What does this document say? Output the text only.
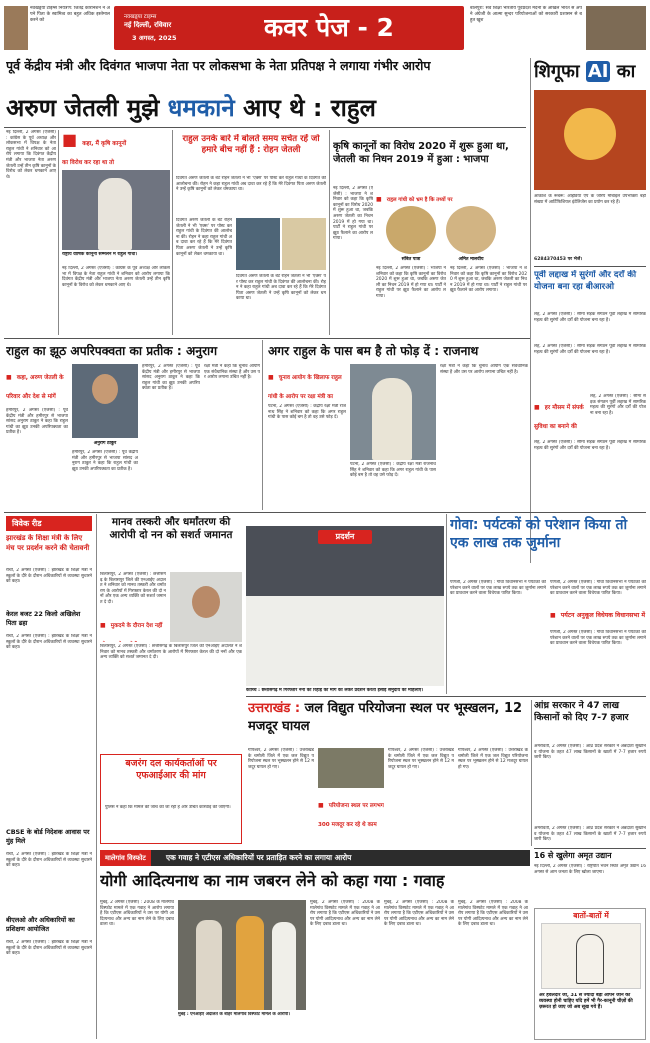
नवखड़्या टाइम्स नियंत्रण: जितेंद्र कोरोनेशन ने अपने पिता के स्वामित्व का बहुत अधिक इस्तेमाल करने को
नवखड़्या टाइम्स
नई दिल्ली, रविवार
3 अगस्त, 2025	कवर पेज - 2
बालपुरा: सर्व शिक्षा भारतीय पूर्वप्रदेश मदनी के अखिल भारत से अपने अंग्रेजी के आत्मा सुन्दर परियोजनाओं को सरकारी प्रशासन से बहुत खुश
पूर्व केंद्रीय मंत्री और दिवंगत भाजपा नेता पर लोकसभा के नेता प्रतिपक्ष ने लगाया गंभीर आरोप
अरुण जेतली मुझे धमकाने आए थे : राहुल
नई दिल्ली, 2 अगस्त (एजेंसी) : कांग्रेस के पूर्व अध्यक्ष और लोकसभा में विपक्ष के नेता राहुल गांधी ने शनिवार को आरोप लगाया कि दिवंगत केंद्रीय मंत्री और भाजपा नेता अरुण जेतली उन्हें तीन कृषि कानूनों के विरोध को लेकर धमकाने आए थे।
■ कहा, मैं कृषि कानूनों का विरोध कर रहा था तो
राष्ट्रीय वार्षिक कानूनी सम्मेलन में राहुल गांधी।
नई दिल्ली, 2 अगस्त (एजेंसी) : कांग्रेस के पूर्व अध्यक्ष और लोकसभा में विपक्ष के नेता राहुल गांधी ने शनिवार को आरोप लगाया कि दिवंगत केंद्रीय मंत्री और भाजपा नेता अरुण जेतली उन्हें तीन कृषि कानूनों के विरोध को लेकर धमकाने आए थे।
राहुल उनके बारे में बोलते समय सचेत रहें जो हमारे बीच नहीं हैं : रोहन जेतली
दिवंगत अरुण जेतली के बेटे रोहन जेतली ने भी 'एक्स' पर पोस्ट कर राहुल गांधी के दिवंगत की आलोचना की। रोहन ने कहा राहुल गांधी अब दावा कर रहे हैं कि मेरे दिवंगत पिता अरुण जेतली ने उन्हें कृषि कानूनों को लेकर धमकाया था।
दिवंगत अरुण जेतली के बेटे रोहन जेतली ने भी 'एक्स' पर पोस्ट कर राहुल गांधी के दिवंगत की आलोचना की। रोहन ने कहा राहुल गांधी अब दावा कर रहे हैं कि मेरे दिवंगत पिता अरुण जेतली ने उन्हें कृषि कानूनों को लेकर धमकाया था।
दिवंगत अरुण जेतली के बेटे रोहन जेतली ने भी 'एक्स' पर पोस्ट कर राहुल गांधी के दिवंगत की आलोचना की। रोहन ने कहा राहुल गांधी अब दावा कर रहे हैं कि मेरे दिवंगत पिता अरुण जेतली ने उन्हें कृषि कानूनों को लेकर धमकाया था।
कृषि कानूनों का विरोध 2020 में शुरू हुआ था, जेतली का निधन 2019 में हुआ : भाजपा
नई दिल्ली, 2 अगस्त (एजेंसी) : भाजपा ने शनिवार को कहा कि कृषि कानूनों का विरोध 2020 में शुरू हुआ था, जबकि अरुण जेतली का निधन 2019 में हो गया था। पार्टी ने राहुल गांधी पर झूठ फैलाने का आरोप लगाया।
■ राहुल गांधी को भ्रम है कि तथ्यों पर
संबित पात्रा	अमित मालवीय
नई दिल्ली, 2 अगस्त (एजेंसी) : भाजपा ने शनिवार को कहा कि कृषि कानूनों का विरोध 2020 में शुरू हुआ था, जबकि अरुण जेतली का निधन 2019 में हो गया था। पार्टी ने राहुल गांधी पर झूठ फैलाने का आरोप लगाया।
नई दिल्ली, 2 अगस्त (एजेंसी) : भाजपा ने शनिवार को कहा कि कृषि कानूनों का विरोध 2020 में शुरू हुआ था, जबकि अरुण जेतली का निधन 2019 में हो गया था। पार्टी ने राहुल गांधी पर झूठ फैलाने का आरोप लगाया।
शिगूफा AI का
आकाश के रूबरू: आईडिया एप के जरिये मोबाइल उपभोक्ता बड़ी संख्या में आर्टिफिशियल इंटेलिजेंस का प्रयोग कर रहे हैं।
6284370453 पर भेजें।
पूर्वी लद्दाख में सुरंगों और दर्रों की योजना बना रहा बीआरओ
लेह, 2 अगस्त (एजेंसी) : सीमा सड़क संगठन पूर्वी लद्दाख में सामरिक महत्व की सुरंगों और दर्रों की योजना बना रहा है।
लेह, 2 अगस्त (एजेंसी) : सीमा सड़क संगठन पूर्वी लद्दाख में सामरिक महत्व की सुरंगों और दर्रों की योजना बना रहा है।
■ हर मौसम में संपर्क सुविधा का बनाने की
लेह, 2 अगस्त (एजेंसी) : सीमा सड़क संगठन पूर्वी लद्दाख में सामरिक महत्व की सुरंगों और दर्रों की योजना बना रहा है।
लेह, 2 अगस्त (एजेंसी) : सीमा सड़क संगठन पूर्वी लद्दाख में सामरिक महत्व की सुरंगों और दर्रों की योजना बना रहा है।
राहुल का झूठ अपरिपक्वता का प्रतीक : अनुराग
■ कहा, अरुण जेतली के परिवार और देश से मांगें
अनुराग ठाकुर
हमीरपुर, 2 अगस्त (एजेंसी) : पूर्व केंद्रीय मंत्री और हमीरपुर से भाजपा सांसद अनुराग ठाकुर ने कहा कि राहुल गांधी का झूठ उनकी अपरिपक्वता का प्रतीक है।
हमीरपुर, 2 अगस्त (एजेंसी) : पूर्व केंद्रीय मंत्री और हमीरपुर से भाजपा सांसद अनुराग ठाकुर ने कहा कि राहुल गांधी का झूठ उनकी अपरिपक्वता का प्रतीक है।
हमीरपुर, 2 अगस्त (एजेंसी) : पूर्व केंद्रीय मंत्री और हमीरपुर से भाजपा सांसद अनुराग ठाकुर ने कहा कि राहुल गांधी का झूठ उनकी अपरिपक्वता का प्रतीक है।
अगर राहुल के पास बम है तो फोड़ दें : राजनाथ
■ चुनाव आयोग के खिलाफ राहुल गांधी के आरोप पर रक्षा मंत्री का
रक्षा मंत्री ने कहा कि चुनाव आयोग एक संवैधानिक संस्था है और उस पर आरोप लगाना उचित नहीं है।
पटना, 2 अगस्त (एजेंसी) : केंद्रीय रक्षा मंत्री राजनाथ सिंह ने शनिवार को कहा कि अगर राहुल गांधी के पास कोई बम है तो वह उसे फोड़ दें।
पटना, 2 अगस्त (एजेंसी) : केंद्रीय रक्षा मंत्री राजनाथ सिंह ने शनिवार को कहा कि अगर राहुल गांधी के पास कोई बम है तो वह उसे फोड़ दें।
रक्षा मंत्री ने कहा कि चुनाव आयोग एक संवैधानिक संस्था है और उस पर आरोप लगाना उचित नहीं है।
विवेक रीड
झारखंड के शिक्षा मंत्री के लिए मंच पर प्रदर्शन करने की चेतावनी
रांची, 2 अगस्त (एजेंसी) : झारखंड के शिक्षा मंत्री ने स्कूलों के दौरे के दौरान अधिकारियों से व्यवस्था सुधारने को कहा।
केरल बजट 22 किलो अखिलेश पिता ढहा
रांची, 2 अगस्त (एजेंसी) : झारखंड के शिक्षा मंत्री ने स्कूलों के दौरे के दौरान अधिकारियों से व्यवस्था सुधारने को कहा।
CBSE के बोर्ड निदेशक आवास पर मुंह मिले
रांची, 2 अगस्त (एजेंसी) : झारखंड के शिक्षा मंत्री ने स्कूलों के दौरे के दौरान अधिकारियों से व्यवस्था सुधारने को कहा।
बीएलओ और अधिकारियों का प्रशिक्षण आयोजित
रांची, 2 अगस्त (एजेंसी) : झारखंड के शिक्षा मंत्री ने स्कूलों के दौरे के दौरान अधिकारियों से व्यवस्था सुधारने को कहा।
मानव तस्करी और धर्मांतरण की आरोपी दो नन को सशर्त जमानत
बिलासपुर, 2 अगस्त (एजेंसी) : छत्तीसगढ़ के बिलासपुर जिले की एनआईए अदालत ने शनिवार को मानव तस्करी और धर्मांतरण के आरोपों में गिरफ्तार केरल की दो ननों और एक अन्य व्यक्ति को सशर्त जमानत दे दी।
■ मुकदमे के दौरान देश नहीं
बिलासपुर, 2 अगस्त (एजेंसी) : छत्तीसगढ़ के बिलासपुर जिले की एनआईए अदालत ने शनिवार को मानव तस्करी और धर्मांतरण के आरोपों में गिरफ्तार केरल की दो ननों और एक अन्य व्यक्ति को सशर्त जमानत दे दी।
प्रदर्शन
कोच्चि : छत्तीसगढ़ में गिरफ्तार ननों की रिहाई की मांग को लेकर प्रदर्शन करतीं ईसाई समुदाय की महिलाएं।
गोवा: पर्यटकों को परेशान किया तो एक लाख तक जुर्माना
पणजी, 2 अगस्त (एजेंसी) : गोवा विधानसभा ने पर्यटकों को परेशान करने वालों पर एक लाख रुपये तक का जुर्माना लगाने का प्रावधान करने वाला विधेयक पारित किया।
पणजी, 2 अगस्त (एजेंसी) : गोवा विधानसभा ने पर्यटकों को परेशान करने वालों पर एक लाख रुपये तक का जुर्माना लगाने का प्रावधान करने वाला विधेयक पारित किया।
■ पर्यटन अनुकूल विधेयक विधानसभा में
पणजी, 2 अगस्त (एजेंसी) : गोवा विधानसभा ने पर्यटकों को परेशान करने वालों पर एक लाख रुपये तक का जुर्माना लगाने का प्रावधान करने वाला विधेयक पारित किया।
बजरंग दल कार्यकर्ताओं पर एफआईआर की मांग
पुलिस ने कहा कि मामले की जांच की जा रही है और उचित कार्रवाई की जाएगी।
उत्तराखंड : जल विद्युत परियोजना स्थल पर भूस्खलन, 12 मजदूर घायल
गोपेश्वर, 2 अगस्त (एजेंसी) : उत्तराखंड के चमोली जिले में एक जल विद्युत परियोजना स्थल पर भूस्खलन होने से 12 मजदूर घायल हो गए।
■ परियोजना स्थल पर लगभग 300 मजदूर कर रहे थे काम
गोपेश्वर, 2 अगस्त (एजेंसी) : उत्तराखंड के चमोली जिले में एक जल विद्युत परियोजना स्थल पर भूस्खलन होने से 12 मजदूर घायल हो गए।
गोपेश्वर, 2 अगस्त (एजेंसी) : उत्तराखंड के चमोली जिले में एक जल विद्युत परियोजना स्थल पर भूस्खलन होने से 12 मजदूर घायल हो गए।
आंध्र सरकार ने 47 लाख किसानों को दिए 7-7 हजार
अमरावती, 2 अगस्त (एजेंसी) : आंध्र प्रदेश सरकार ने अन्नदाता सुखीभव योजना के तहत 47 लाख किसानों के खातों में 7-7 हजार रुपये जारी किए।
अमरावती, 2 अगस्त (एजेंसी) : आंध्र प्रदेश सरकार ने अन्नदाता सुखीभव योजना के तहत 47 लाख किसानों के खातों में 7-7 हजार रुपये जारी किए।
16 से खुलेगा अमृत उद्यान
नई दिल्ली, 2 अगस्त (एजेंसी) : राष्ट्रपति भवन स्थित अमृत उद्यान 16 अगस्त से आम जनता के लिए खोला जाएगा।
बातों-बातों में
अरे हवलदार जी, 31 से ज्यादा बड़ा आपने जीने की व्यवस्था होनी चाहिए यदि हमें भी गैर-कानूनी चीज़ों की ज़रूरत हो जाए जो अब सूख गये हैं।
मालेगांव विस्फोट	एक गवाह ने एटीएस अधिकारियों पर प्रताड़ित करने का लगाया आरोप
योगी आदित्यनाथ का नाम जबरन लेने को कहा गया : गवाह
मुंबई, 2 अगस्त (एजेंसी) : 2008 के मालेगांव विस्फोट मामले में एक गवाह ने आरोप लगाया है कि एटीएस अधिकारियों ने उस पर योगी आदित्यनाथ और अन्य का नाम लेने के लिए दबाव डाला था।
मुंबई : एनआईए अदालत के बाहर मालेगांव विस्फोट मामले के आरोपी।
मुंबई, 2 अगस्त (एजेंसी) : 2008 के मालेगांव विस्फोट मामले में एक गवाह ने आरोप लगाया है कि एटीएस अधिकारियों ने उस पर योगी आदित्यनाथ और अन्य का नाम लेने के लिए दबाव डाला था।
मुंबई, 2 अगस्त (एजेंसी) : 2008 के मालेगांव विस्फोट मामले में एक गवाह ने आरोप लगाया है कि एटीएस अधिकारियों ने उस पर योगी आदित्यनाथ और अन्य का नाम लेने के लिए दबाव डाला था।
मुंबई, 2 अगस्त (एजेंसी) : 2008 के मालेगांव विस्फोट मामले में एक गवाह ने आरोप लगाया है कि एटीएस अधिकारियों ने उस पर योगी आदित्यनाथ और अन्य का नाम लेने के लिए दबाव डाला था।
